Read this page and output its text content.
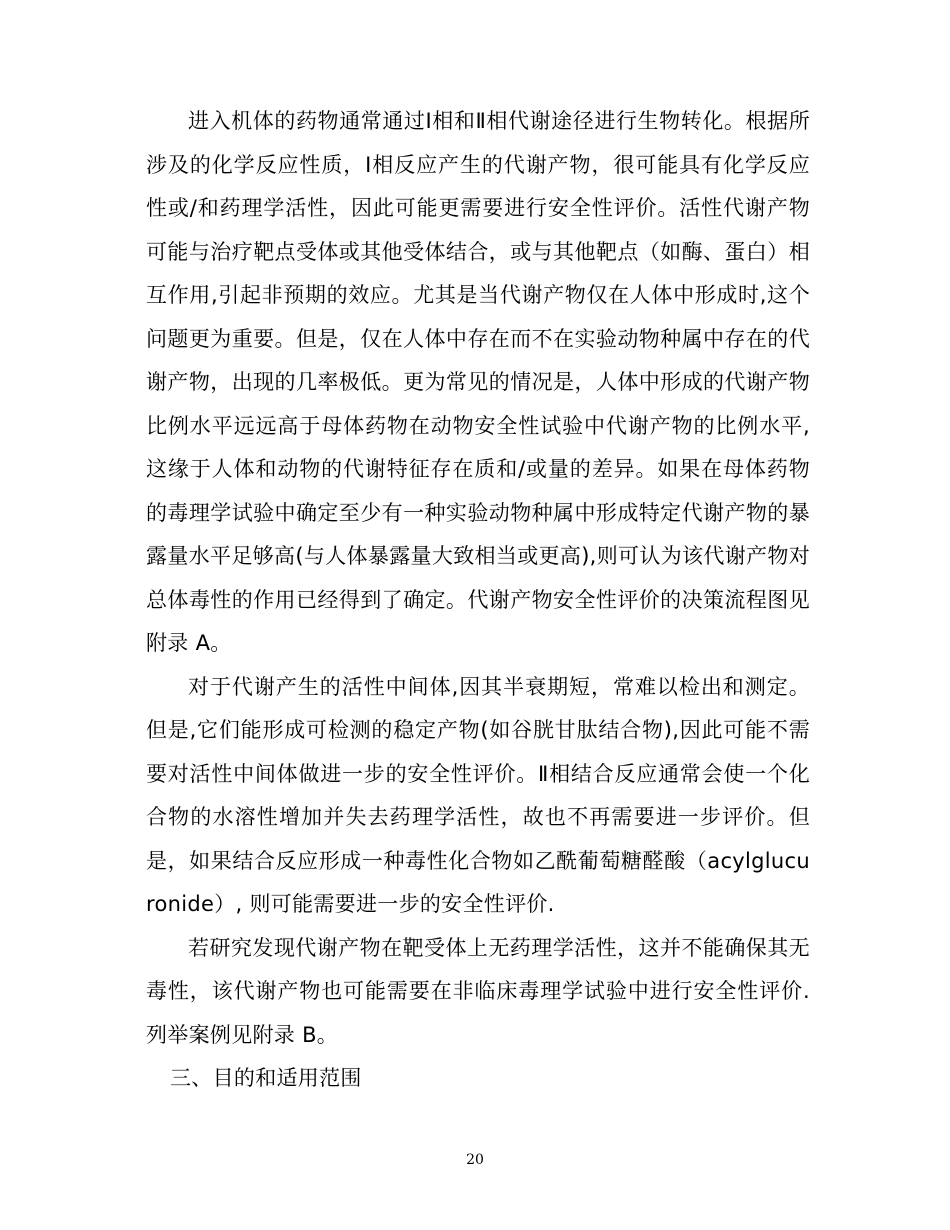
进入机体的药物通常通过Ⅰ相和Ⅱ相代谢途径进行生物转化。根据所涉及的化学反应性质，Ⅰ相反应产生的代谢产物，很可能具有化学反应性或/和药理学活性，因此可能更需要进行安全性评价。活性代谢产物可能与治疗靶点受体或其他受体结合，或与其他靶点（如酶、蛋白）相互作用,引起非预期的效应。尤其是当代谢产物仅在人体中形成时,这个问题更为重要。但是，仅在人体中存在而不在实验动物种属中存在的代谢产物，出现的几率极低。更为常见的情况是，人体中形成的代谢产物比例水平远远高于母体药物在动物安全性试验中代谢产物的比例水平,这缘于人体和动物的代谢特征存在质和/或量的差异。如果在母体药物的毒理学试验中确定至少有一种实验动物种属中形成特定代谢产物的暴露量水平足够高(与人体暴露量大致相当或更高),则可认为该代谢产物对总体毒性的作用已经得到了确定。代谢产物安全性评价的决策流程图见附录 A。

对于代谢产生的活性中间体,因其半衰期短，常难以检出和测定。但是,它们能形成可检测的稳定产物(如谷胱甘肽结合物),因此可能不需要对活性中间体做进一步的安全性评价。Ⅱ相结合反应通常会使一个化合物的水溶性增加并失去药理学活性，故也不再需要进一步评价。但是，如果结合反应形成一种毒性化合物如乙酰葡萄糖醛酸（acylglucuronide）, 则可能需要进一步的安全性评价.

若研究发现代谢产物在靶受体上无药理学活性，这并不能确保其无毒性，该代谢产物也可能需要在非临床毒理学试验中进行安全性评价.列举案例见附录 B。

三、目的和适用范围

20
